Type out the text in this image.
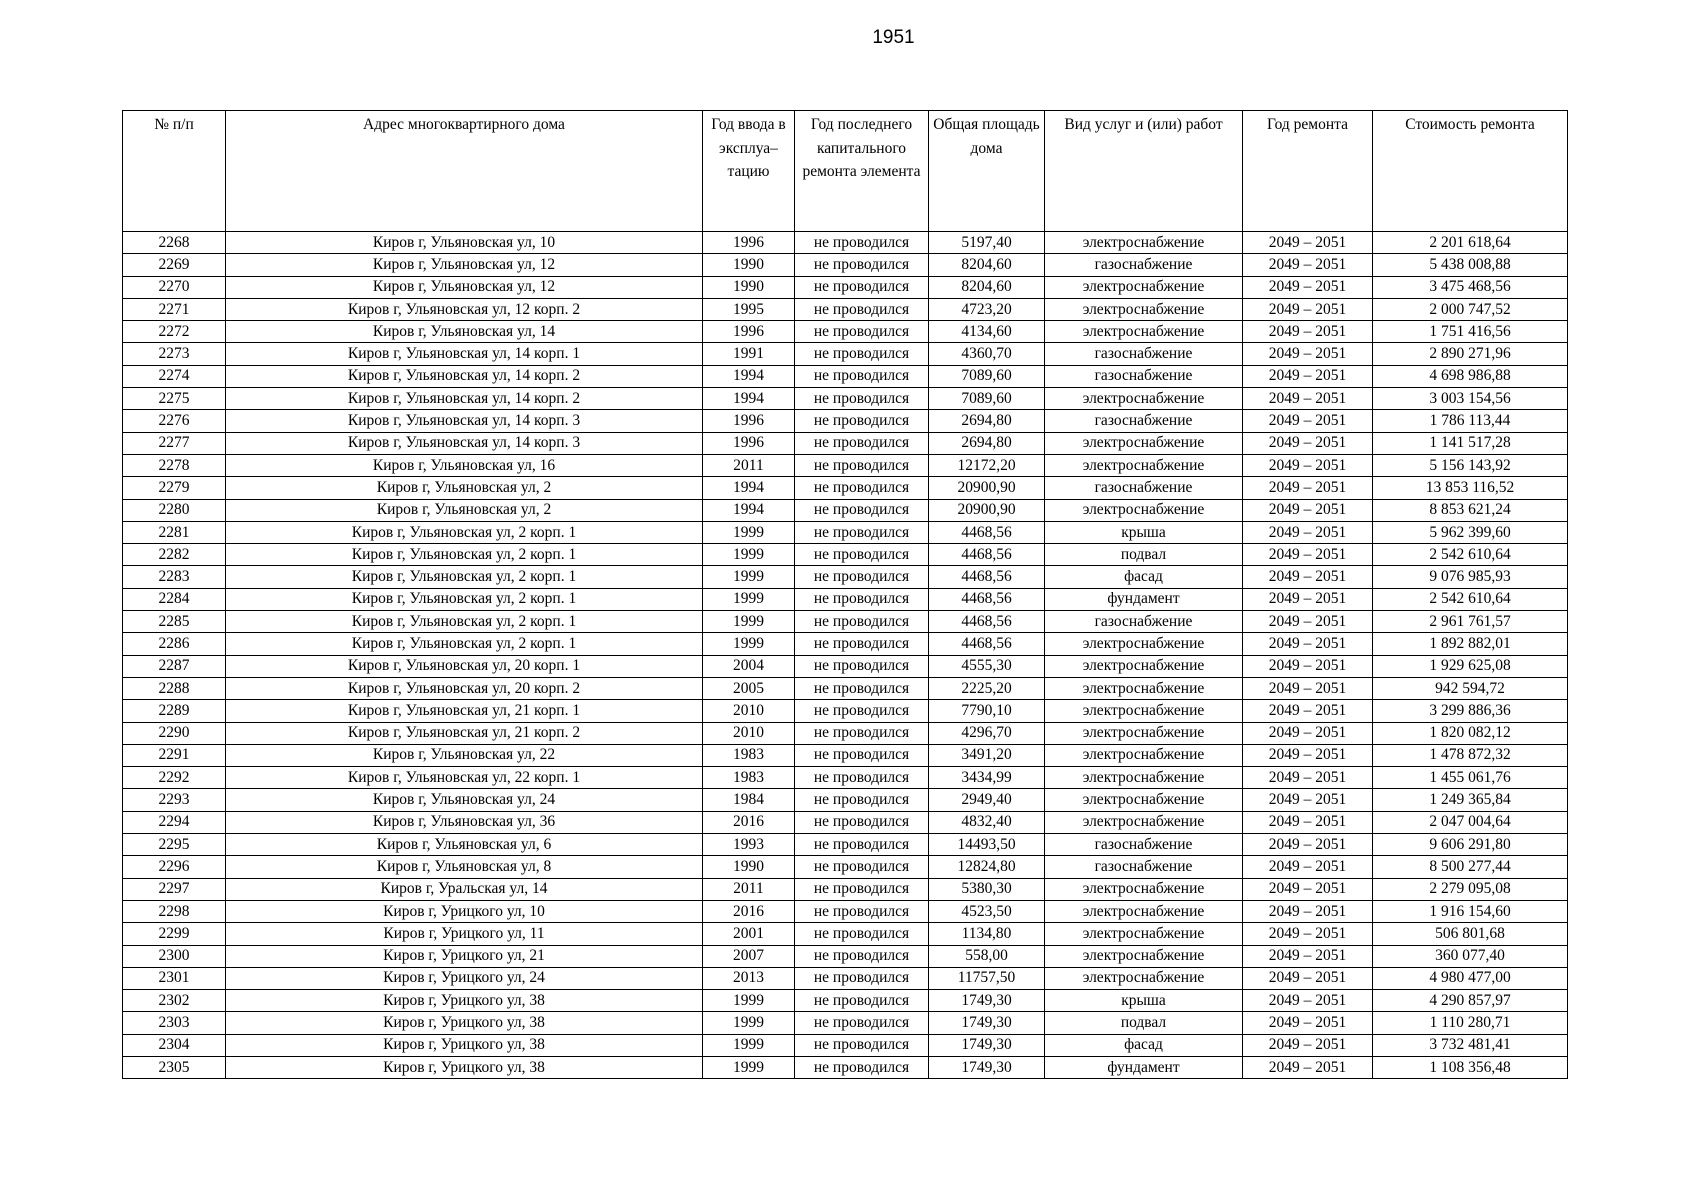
1951
№ п/п	Адрес многоквартирного дома	Год ввода в эксплуа– тацию	Год последнего капитального ремонта элемента	Общая площадь дома	Вид услуг и (или) работ	Год ремонта	Стоимость ремонта
2268	Киров г, Ульяновская ул, 10	1996	не проводился	5197,40	электроснабжение	2049 – 2051	2 201 618,64
2269	Киров г, Ульяновская ул, 12	1990	не проводился	8204,60	газоснабжение	2049 – 2051	5 438 008,88
2270	Киров г, Ульяновская ул, 12	1990	не проводился	8204,60	электроснабжение	2049 – 2051	3 475 468,56
2271	Киров г, Ульяновская ул, 12 корп. 2	1995	не проводился	4723,20	электроснабжение	2049 – 2051	2 000 747,52
2272	Киров г, Ульяновская ул, 14	1996	не проводился	4134,60	электроснабжение	2049 – 2051	1 751 416,56
2273	Киров г, Ульяновская ул, 14 корп. 1	1991	не проводился	4360,70	газоснабжение	2049 – 2051	2 890 271,96
2274	Киров г, Ульяновская ул, 14 корп. 2	1994	не проводился	7089,60	газоснабжение	2049 – 2051	4 698 986,88
2275	Киров г, Ульяновская ул, 14 корп. 2	1994	не проводился	7089,60	электроснабжение	2049 – 2051	3 003 154,56
2276	Киров г, Ульяновская ул, 14 корп. 3	1996	не проводился	2694,80	газоснабжение	2049 – 2051	1 786 113,44
2277	Киров г, Ульяновская ул, 14 корп. 3	1996	не проводился	2694,80	электроснабжение	2049 – 2051	1 141 517,28
2278	Киров г, Ульяновская ул, 16	2011	не проводился	12172,20	электроснабжение	2049 – 2051	5 156 143,92
2279	Киров г, Ульяновская ул, 2	1994	не проводился	20900,90	газоснабжение	2049 – 2051	13 853 116,52
2280	Киров г, Ульяновская ул, 2	1994	не проводился	20900,90	электроснабжение	2049 – 2051	8 853 621,24
2281	Киров г, Ульяновская ул, 2 корп. 1	1999	не проводился	4468,56	крыша	2049 – 2051	5 962 399,60
2282	Киров г, Ульяновская ул, 2 корп. 1	1999	не проводился	4468,56	подвал	2049 – 2051	2 542 610,64
2283	Киров г, Ульяновская ул, 2 корп. 1	1999	не проводился	4468,56	фасад	2049 – 2051	9 076 985,93
2284	Киров г, Ульяновская ул, 2 корп. 1	1999	не проводился	4468,56	фундамент	2049 – 2051	2 542 610,64
2285	Киров г, Ульяновская ул, 2 корп. 1	1999	не проводился	4468,56	газоснабжение	2049 – 2051	2 961 761,57
2286	Киров г, Ульяновская ул, 2 корп. 1	1999	не проводился	4468,56	электроснабжение	2049 – 2051	1 892 882,01
2287	Киров г, Ульяновская ул, 20 корп. 1	2004	не проводился	4555,30	электроснабжение	2049 – 2051	1 929 625,08
2288	Киров г, Ульяновская ул, 20 корп. 2	2005	не проводился	2225,20	электроснабжение	2049 – 2051	942 594,72
2289	Киров г, Ульяновская ул, 21 корп. 1	2010	не проводился	7790,10	электроснабжение	2049 – 2051	3 299 886,36
2290	Киров г, Ульяновская ул, 21 корп. 2	2010	не проводился	4296,70	электроснабжение	2049 – 2051	1 820 082,12
2291	Киров г, Ульяновская ул, 22	1983	не проводился	3491,20	электроснабжение	2049 – 2051	1 478 872,32
2292	Киров г, Ульяновская ул, 22 корп. 1	1983	не проводился	3434,99	электроснабжение	2049 – 2051	1 455 061,76
2293	Киров г, Ульяновская ул, 24	1984	не проводился	2949,40	электроснабжение	2049 – 2051	1 249 365,84
2294	Киров г, Ульяновская ул, 36	2016	не проводился	4832,40	электроснабжение	2049 – 2051	2 047 004,64
2295	Киров г, Ульяновская ул, 6	1993	не проводился	14493,50	газоснабжение	2049 – 2051	9 606 291,80
2296	Киров г, Ульяновская ул, 8	1990	не проводился	12824,80	газоснабжение	2049 – 2051	8 500 277,44
2297	Киров г, Уральская ул, 14	2011	не проводился	5380,30	электроснабжение	2049 – 2051	2 279 095,08
2298	Киров г, Урицкого ул, 10	2016	не проводился	4523,50	электроснабжение	2049 – 2051	1 916 154,60
2299	Киров г, Урицкого ул, 11	2001	не проводился	1134,80	электроснабжение	2049 – 2051	506 801,68
2300	Киров г, Урицкого ул, 21	2007	не проводился	558,00	электроснабжение	2049 – 2051	360 077,40
2301	Киров г, Урицкого ул, 24	2013	не проводился	11757,50	электроснабжение	2049 – 2051	4 980 477,00
2302	Киров г, Урицкого ул, 38	1999	не проводился	1749,30	крыша	2049 – 2051	4 290 857,97
2303	Киров г, Урицкого ул, 38	1999	не проводился	1749,30	подвал	2049 – 2051	1 110 280,71
2304	Киров г, Урицкого ул, 38	1999	не проводился	1749,30	фасад	2049 – 2051	3 732 481,41
2305	Киров г, Урицкого ул, 38	1999	не проводился	1749,30	фундамент	2049 – 2051	1 108 356,48
